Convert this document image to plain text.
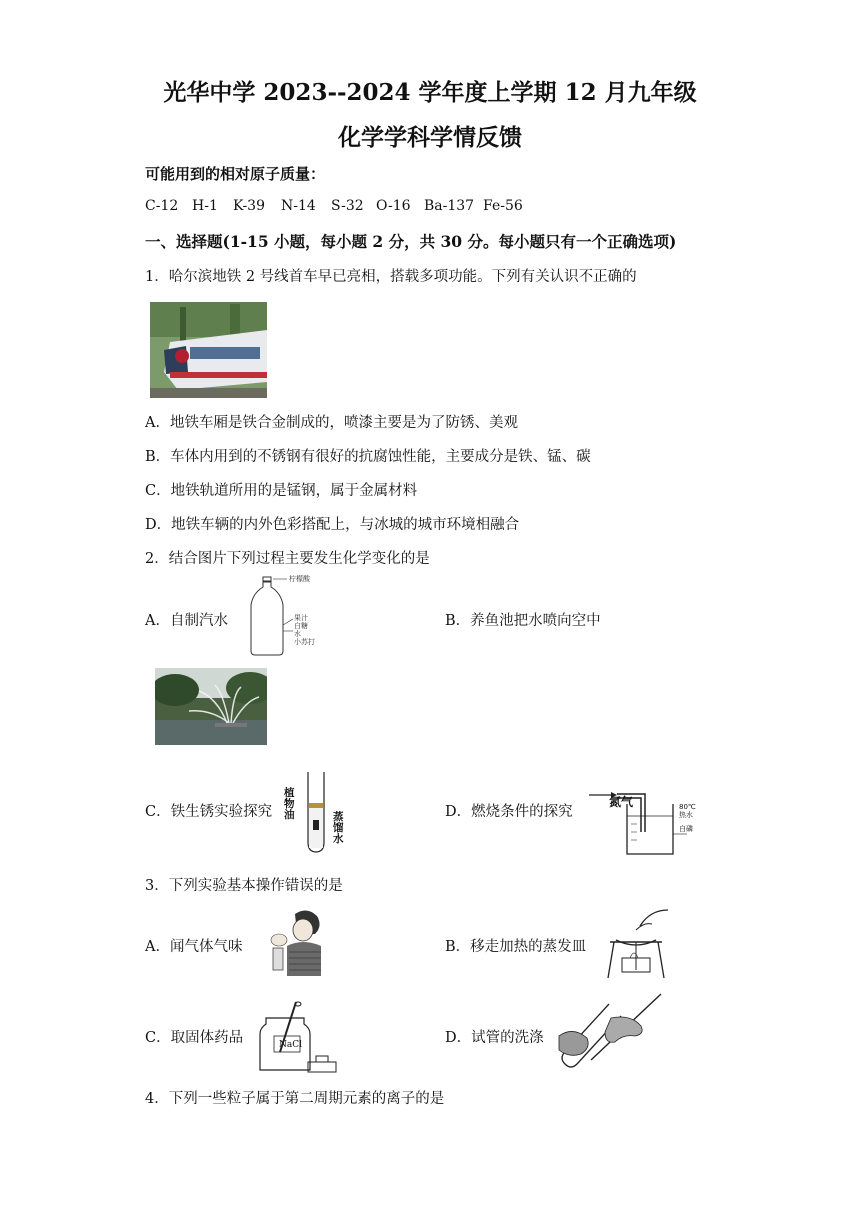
光华中学 2023--2024 学年度上学期 12 月九年级
化学学科学情反馈
可能用到的相对原子质量：
C-12 H-1 K-39 N-14 S-32 O-16 Ba-137 Fe-56
一、选择题(1-15 小题，每小题 2 分，共 30 分。每小题只有一个正确选项)
1．哈尔滨地铁 2 号线首车早已亮相，搭载多项功能。下列有关认识不正确的
A．地铁车厢是铁合金制成的，喷漆主要是为了防锈、美观
B．车体内用到的不锈钢有很好的抗腐蚀性能，主要成分是铁、锰、碳
C．地铁轨道所用的是锰钢，属于金属材料
D．地铁车辆的内外色彩搭配上，与冰城的城市环境相融合
2．结合图片下列过程主要发生化学变化的是
A．自制汽水
柠檬酸
果汁
白糖
水
小苏打
B．养鱼池把水喷向空中
C．铁生锈实验探究
植物油	蒸馏水
D．燃烧条件的探究
氮气	80℃
热水
白磷
3．下列实验基本操作错误的是
A．闻气体气味	B．移走加热的蒸发皿
C．取固体药品	NaCl	D．试管的洗涤
4．下列一些粒子属于第二周期元素的离子的是
